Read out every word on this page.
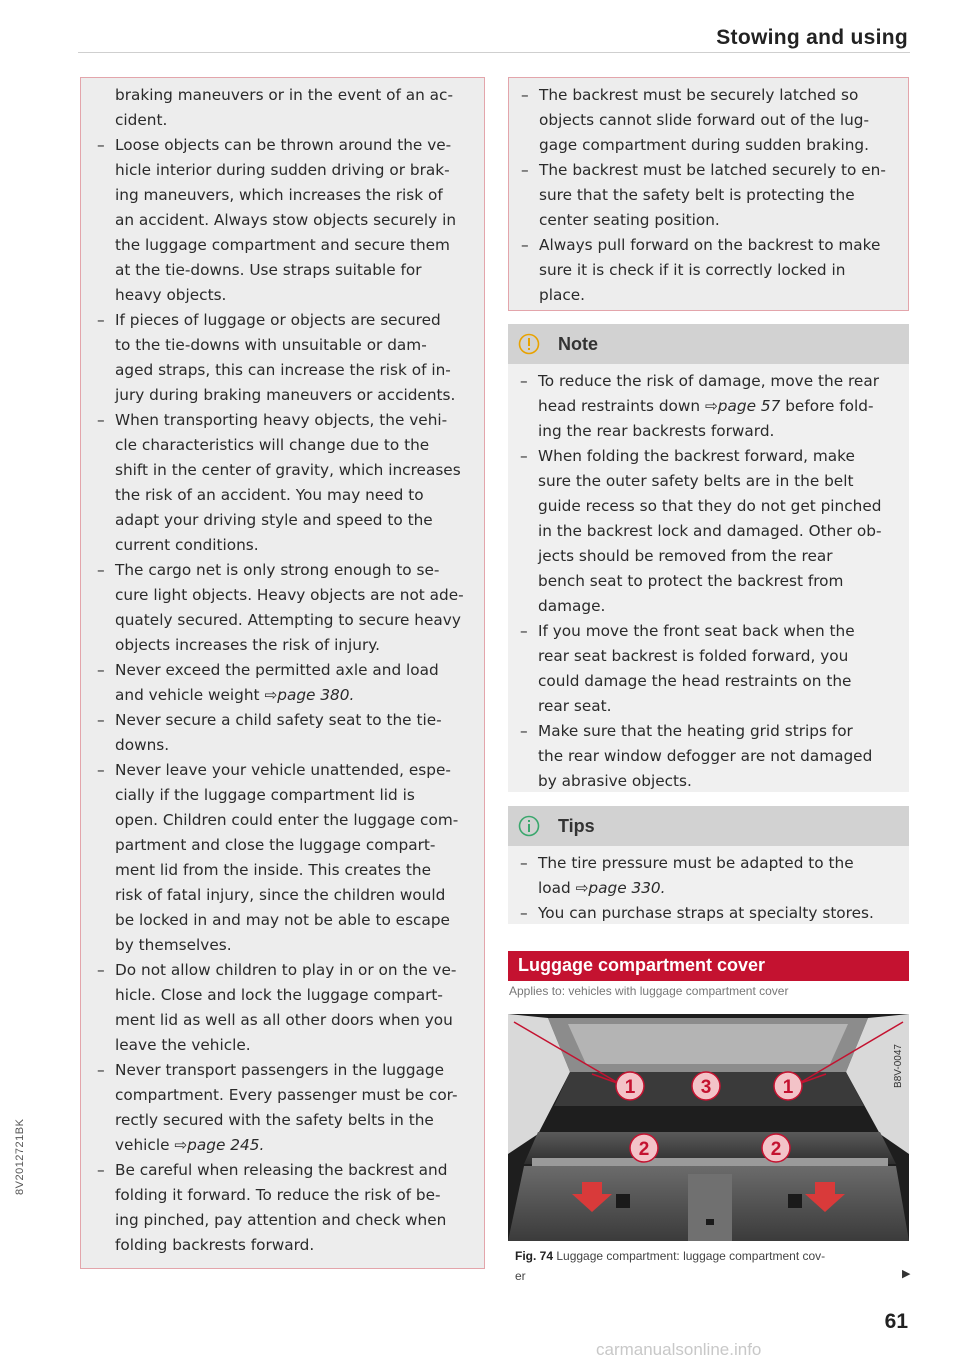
Stowing and using
8V2012721BK

braking maneuvers or in the event of an ac-
cident.

– Loose objects can be thrown around the ve-
hicle interior during sudden driving or brak-
ing maneuvers, which increases the risk of
an accident. Always stow objects securely in
the luggage compartment and secure them
at the tie-downs. Use straps suitable for
heavy objects.
– If pieces of luggage or objects are secured
to the tie-downs with unsuitable or dam-
aged straps, this can increase the risk of in-
jury during braking maneuvers or accidents.
– When transporting heavy objects, the vehi-
cle characteristics will change due to the
shift in the center of gravity, which increases
the risk of an accident. You may need to
adapt your driving style and speed to the
current conditions.
– The cargo net is only strong enough to se-
cure light objects. Heavy objects are not ade-
quately secured. Attempting to secure heavy
objects increases the risk of injury.
– Never exceed the permitted axle and load
and vehicle weight ⇨page 380.
– Never secure a child safety seat to the tie-
downs.
– Never leave your vehicle unattended, espe-
cially if the luggage compartment lid is
open. Children could enter the luggage com-
partment and close the luggage compart-
ment lid from the inside. This creates the
risk of fatal injury, since the children would
be locked in and may not be able to escape
by themselves.
– Do not allow children to play in or on the ve-
hicle. Close and lock the luggage compart-
ment lid as well as all other doors when you
leave the vehicle.
– Never transport passengers in the luggage
compartment. Every passenger must be cor-
rectly secured with the safety belts in the
vehicle ⇨page 245.
– Be careful when releasing the backrest and
folding it forward. To reduce the risk of be-
ing pinched, pay attention and check when
folding backrests forward.
– The backrest must be securely latched so
objects cannot slide forward out of the lug-
gage compartment during sudden braking.
– The backrest must be latched securely to en-
sure that the safety belt is protecting the
center seating position.
– Always pull forward on the backrest to make
sure it is check if it is correctly locked in
place.
Note
– To reduce the risk of damage, move the rear
head restraints down ⇨page 57 before fold-
ing the rear backrests forward.
– When folding the backrest forward, make
sure the outer safety belts are in the belt
guide recess so that they do not get pinched
in the backrest lock and damaged. Other ob-
jects should be removed from the rear
bench seat to protect the backrest from
damage.
– If you move the front seat back when the
rear seat backrest is folded forward, you
could damage the head restraints on the
rear seat.
– Make sure that the heating grid strips for
the rear window defogger are not damaged
by abrasive objects.
Tips
– The tire pressure must be adapted to the
load ⇨page 330.
– You can purchase straps at specialty stores.
Luggage compartment cover
Applies to: vehicles with luggage compartment cover
1	3	1
2	2
B8V-0047
Fig. 74 Luggage compartment: luggage compartment cov-
er	▶
61
carmanualsonline.info
